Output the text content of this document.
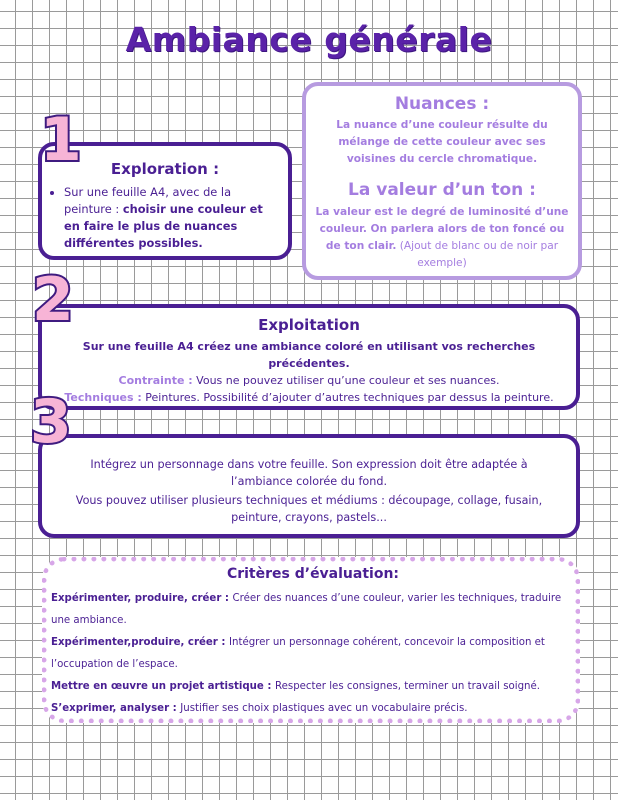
Ambiance générale
Exploration :
• Sur une feuille A4, avec de la peinture : choisir une couleur et en faire le plus de nuances différentes possibles.
1
Nuances :
La nuance d’une couleur résulte du mélange de cette couleur avec ses voisines du cercle chromatique.
La valeur d’un ton :
La valeur est le degré de luminosité d’une couleur. On parlera alors de ton foncé ou de ton clair. (Ajout de blanc ou de noir par exemple)
Exploitation
Sur une feuille A4 créez une ambiance coloré en utilisant vos recherches précédentes.
Contrainte : Vous ne pouvez utiliser qu’une couleur et ses nuances.
Techniques : Peintures. Possibilité d’ajouter d’autres techniques par dessus la peinture.
2
Intégrez un personnage dans votre feuille. Son expression doit être adaptée à l’ambiance colorée du fond.
Vous pouvez utiliser plusieurs techniques et médiums : découpage, collage, fusain, peinture, crayons, pastels...
3
Critères d’évaluation:
Expérimenter, produire, créer : Créer des nuances d’une couleur, varier les techniques, traduire une ambiance.
Expérimenter,produire, créer : Intégrer un personnage cohérent, concevoir la composition et l’occupation de l’espace.
Mettre en œuvre un projet artistique : Respecter les consignes, terminer un travail soigné.
S’exprimer, analyser : Justifier ses choix plastiques avec un vocabulaire précis.
